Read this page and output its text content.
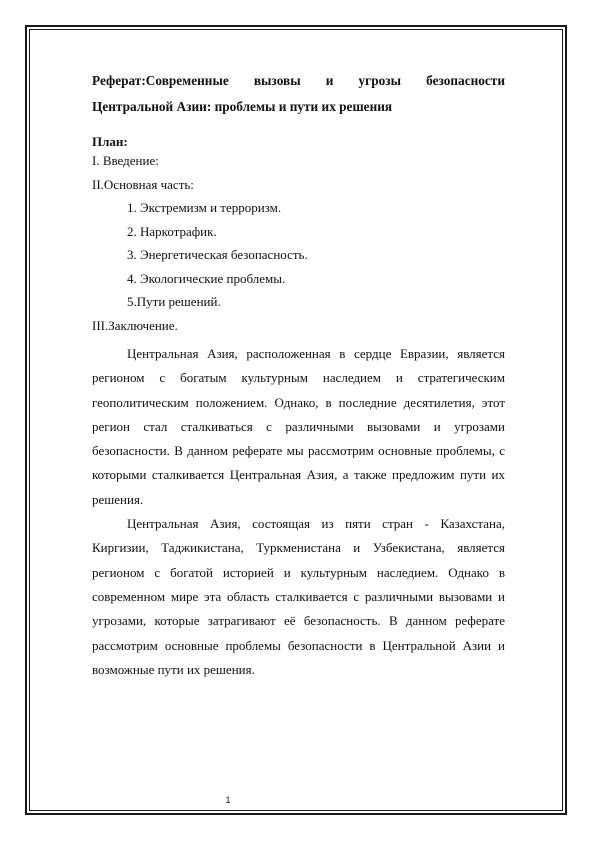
Реферат:Современные вызовы и угрозы безопасности

Центральной Азии: проблемы и пути их решения

План:

I. Введение:

II.Основная часть:

1. Экстремизм и терроризм.

2. Наркотрафик.

3. Энергетическая безопасность.

4. Экологические проблемы.

5.Пути решений.

III.Заключение.

Центральная Азия, расположенная в сердце Евразии, является регионом с богатым культурным наследием и стратегическим геополитическим положением. Однако, в последние десятилетия, этот регион стал сталкиваться с различными вызовами и угрозами безопасности. В данном реферате мы рассмотрим основные проблемы, с которыми сталкивается Центральная Азия, а также предложим пути их решения.

Центральная Азия, состоящая из пяти стран - Казахстана, Киргизии, Таджикистана, Туркменистана и Узбекистана, является регионом с богатой историей и культурным наследием. Однако в современном мире эта область сталкивается с различными вызовами и угрозами, которые затрагивают её безопасность. В данном реферате рассмотрим основные проблемы безопасности в Центральной Азии и возможные пути их решения.

1
